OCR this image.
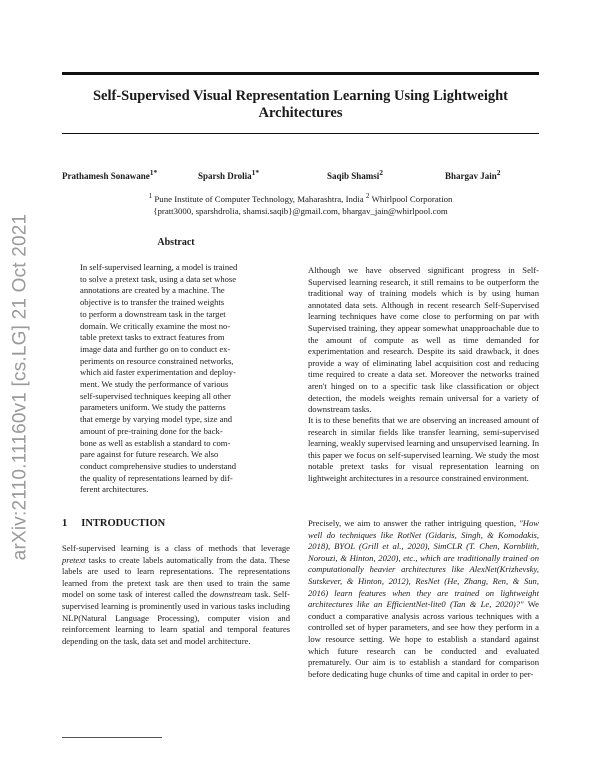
Self-Supervised Visual Representation Learning Using Lightweight
Architectures
Prathamesh Sonawane$^{1*}$	Sparsh Drolia$^{1*}$	Saqib Shamsi$^2$	Bhargav Jain$^2$
$^1$ Pune Institute of Computer Technology, Maharashtra, India $^2$ Whirlpool Corporation
{pratt3000, sparshdrolia, shamsi.saqib}@gmail.com, bhargav_jain@whirlpool.com
arXiv:2110.11160v1 [cs.LG] 21 Oct 2021	Abstract
In self-supervised learning, a model is trained
to solve a pretext task, using a data set whose
annotations are created by a machine. The
objective is to transfer the trained weights
to perform a downstream task in the target
domain. We critically examine the most no-
table pretext tasks to extract features from
image data and further go on to conduct ex-
periments on resource constrained networks,
which aid faster experimentation and deploy-
ment. We study the performance of various
self-supervised techniques keeping all other
parameters uniform. We study the patterns
that emerge by varying model type, size and
amount of pre-training done for the back-
bone as well as establish a standard to com-
pare against for future research. We also
conduct comprehensive studies to understand
the quality of representations learned by dif-
ferent architectures.
1 INTRODUCTION

Self-supervised learning is a class of methods that leverage pretext tasks to create labels automatically from the data. These labels are used to learn representations. The representations learned from the pretext task are then used to train the same model on some task of interest called the downstream task. Self-supervised learning is prominently used in various tasks including NLP(Natural Language Processing), computer vision and reinforcement learning to learn spatial and temporal features depending on the task, data set and model architecture.

Although we have observed significant progress in Self-Supervised learning research, it still remains to be outperform the traditional way of training models which is by using human annotated data sets. Although in recent research Self-Supervised learning techniques have come close to performing on par with Supervised training, they appear somewhat unapproachable due to the amount of compute as well as time demanded for experimentation and research. Despite its said drawback, it does provide a way of eliminating label acquisition cost and reducing time required to create a data set. Moreover the networks trained aren't hinged on to a specific task like classification or object detection, the models weights remain universal for a variety of downstream tasks.

It is to these benefits that we are observing an increased amount of research in similar fields like transfer learning, semi-supervised learning, weakly supervised learning and unsupervised learning. In this paper we focus on self-supervised learning. We study the most notable pretext tasks for visual representation learning on lightweight architectures in a resource constrained environment.

Precisely, we aim to answer the rather intriguing question, "How well do techniques like RotNet (Gidaris, Singh, & Komodakis, 2018), BYOL (Grill et al., 2020), SimCLR (T. Chen, Kornblith, Norouzi, & Hinton, 2020), etc., which are traditionally trained on computationally heavier architectures like AlexNet(Krizhevsky, Sutskever, & Hinton, 2012), ResNet (He, Zhang, Ren, & Sun, 2016) learn features when they are trained on lightweight architectures like an EfficientNet-lite0 (Tan & Le, 2020)?" We conduct a comparative analysis across various techniques with a controlled set of hyper parameters, and see how they perform in a low resource setting. We hope to establish a standard against which future research can be conducted and evaluated prematurely. Our aim is to establish a standard for comparison before dedicating huge chunks of time and capital in order to per-
